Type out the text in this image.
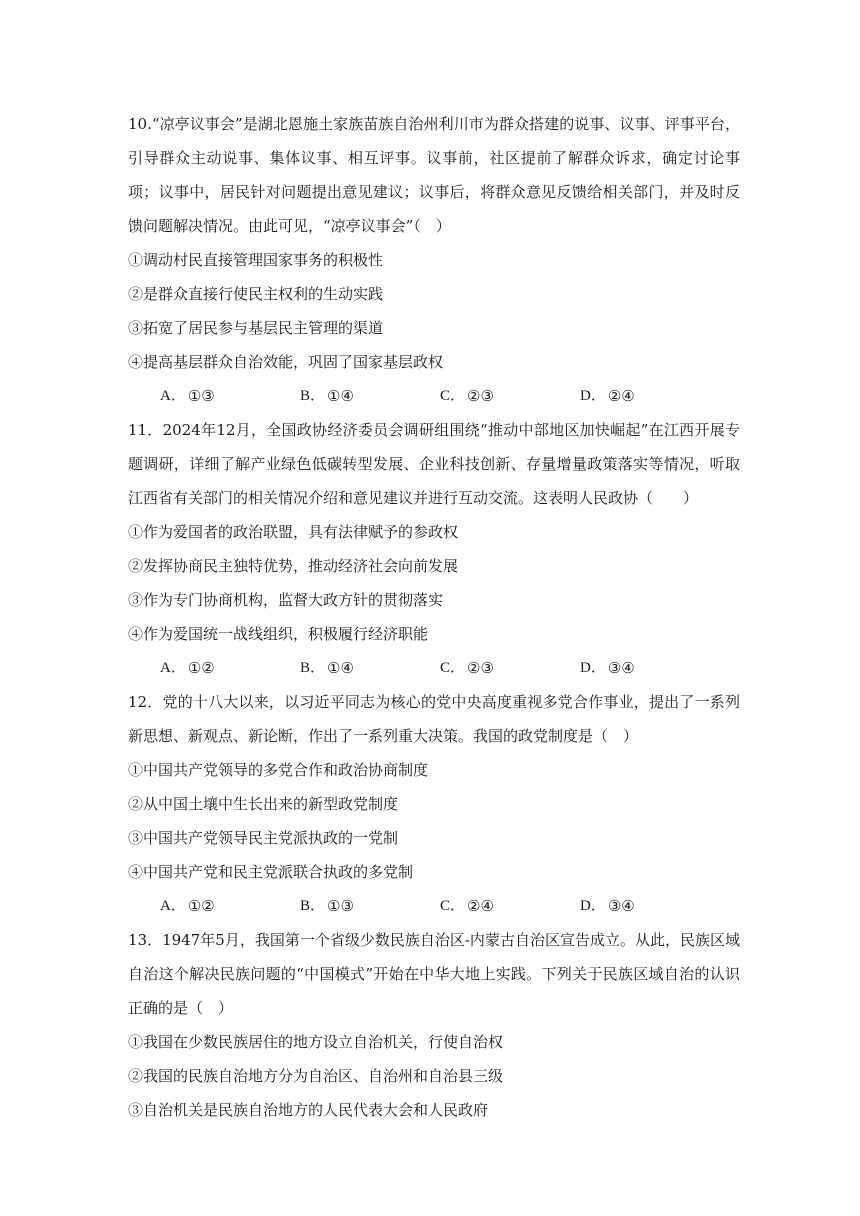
10.“凉亭议事会”是湖北恩施土家族苗族自治州利川市为群众搭建的说事、议事、评事平台，引导群众主动说事、集体议事、相互评事。议事前，社区提前了解群众诉求，确定讨论事项；议事中，居民针对问题提出意见建议；议事后，将群众意见反馈给相关部门，并及时反馈问题解决情况。由此可见，“凉亭议事会”（　）

①调动村民直接管理国家事务的积极性

②是群众直接行使民主权利的生动实践

③拓宽了居民参与基层民主管理的渠道

④提高基层群众自治效能，巩固了国家基层政权

A． ①③	B． ①④	C． ②③	D． ②④

11．2024年12月，全国政协经济委员会调研组围绕“推动中部地区加快崛起”在江西开展专题调研，详细了解产业绿色低碳转型发展、企业科技创新、存量增量政策落实等情况，听取江西省有关部门的相关情况介绍和意见建议并进行互动交流。这表明人民政协（　　）

①作为爱国者的政治联盟，具有法律赋予的参政权

②发挥协商民主独特优势，推动经济社会向前发展

③作为专门协商机构，监督大政方针的贯彻落实

④作为爱国统一战线组织，积极履行经济职能

A． ①②	B． ①④	C． ②③	D． ③④

12．党的十八大以来，以习近平同志为核心的党中央高度重视多党合作事业，提出了一系列新思想、新观点、新论断，作出了一系列重大决策。我国的政党制度是（　）

①中国共产党领导的多党合作和政治协商制度

②从中国土壤中生长出来的新型政党制度

③中国共产党领导民主党派执政的一党制

④中国共产党和民主党派联合执政的多党制

A． ①②	B． ①③	C． ②④	D． ③④

13．1947年5月，我国第一个省级少数民族自治区-内蒙古自治区宣告成立。从此，民族区域自治这个解决民族问题的“中国模式”开始在中华大地上实践。下列关于民族区域自治的认识正确的是（　）

①我国在少数民族居住的地方设立自治机关，行使自治权

②我国的民族自治地方分为自治区、自治州和自治县三级

③自治机关是民族自治地方的人民代表大会和人民政府
